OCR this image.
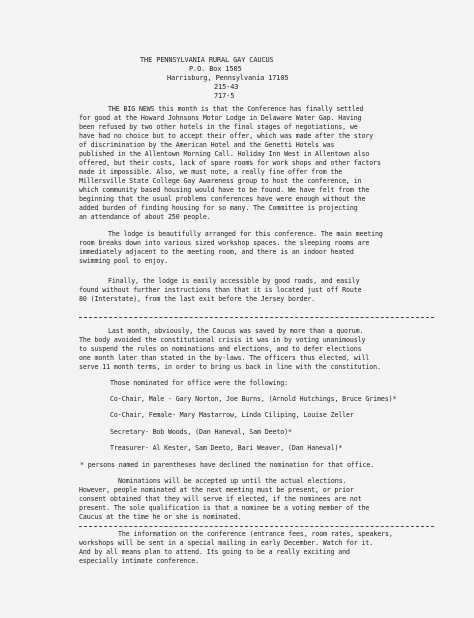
THE PENNSYLVANIA RURAL GAY CAUCUS
P.O. Box 1505
Harrisburg, Pennsylvania 17105
215-43
717-5
THE BIG NEWS this month is that the Conference has finally settled
for good at the Howard Johnsons Motor Lodge in Delaware Water Gap. Having
been refused by two other hotels in the final stages of negotiations, we
have had no choice but to accept their offer, which was made after the story
of discrimination by the American Hotel and the Genetti Hotels was
published in the Allentown Morning Call. Holiday Inn West in Allentown also
offered, but their costs, lack of spare rooms for work shops and other factors
made it impossible. Also, we must note, a really fine offer from the
Millersville State College Gay Awareness group to host the conference, in
which community based housing would have to be found. We have felt from the
beginning that the usual problems conferences have were enough without the
added burden of finding housing for so many. The Committee is projecting
an attendance of about 250 people.
The lodge is beautifully arranged for this conference. The main meeting
room breaks down into various sized workshop spaces. the sleeping rooms are
immediately adjacent to the meeting room, and there is an indoor heated
swimming pool to enjoy.
Finally, the lodge is easily accessible by good roads, and easily
found without further instructions than that it is located just off Route
80 (Interstate), from the last exit before the Jersey border.
Last month, obviously, the Caucus was saved by more than a quorum.
The body avoided the constitutional crisis it was in by voting unanimously
to suspend the rules on nominations and elections, and to defer elections
one month later than stated in the by-laws. The officers thus elected, will
serve 11 month terms, in order to bring us back in line with the constitution.
Those nominated for office were the following:
Co-Chair, Male - Gary Norton, Joe Burns, (Arnold Hutchings, Bruce Grimes)*
Co-Chair, Female- Mary Mastarrow, Linda Ciliping, Louise Zeller
Secretary- Bob Woods, (Dan Haneval, Sam Deeto)*
Treasurer- Al Kester, Sam Deeto, Bari Weaver, (Dan Haneval)*
* persons named in parentheses have declined the nomination for that office.
Nominations will be accepted up until the actual elections.
However, people nominated at the next meeting must be present, or prior
consent obtained that they will serve if elected, if the nominees are not
present. The sole qualification is that a nominee be a voting member of the
Caucus at the time he or she is nominated.
The information on the conference (entrance fees, room rates, speakers,
workshops will be sent in a special mailing in early December. Watch for it.
And by all means plan to attend. Its going to be a really exciting and
especially intimate conference.
